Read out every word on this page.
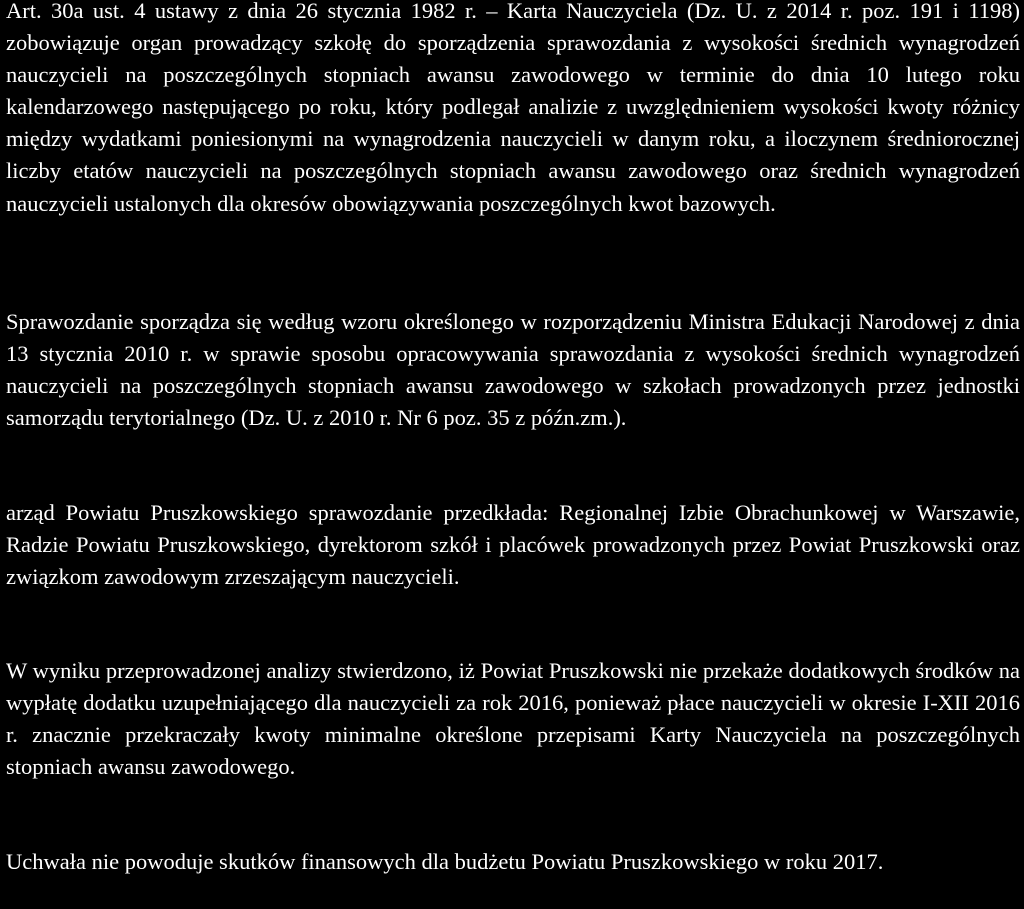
Art. 30a ust. 4 ustawy z dnia 26 stycznia 1982 r. – Karta Nauczyciela (Dz. U. z 2014 r. poz. 191 i 1198) zobowiązuje organ prowadzący szkołę do sporządzenia sprawozdania z wysokości średnich wynagrodzeń nauczycieli na poszczególnych stopniach awansu zawodowego w terminie do dnia 10 lutego roku kalendarzowego następującego po roku, który podlegał analizie z uwzględnieniem wysokości kwoty różnicy między wydatkami poniesionymi na wynagrodzenia nauczycieli w danym roku, a iloczynem średniorocznej liczby etatów nauczycieli na poszczególnych stopniach awansu zawodowego oraz średnich wynagrodzeń nauczycieli ustalonych dla okresów obowiązywania poszczególnych kwot bazowych.

Sprawozdanie sporządza się według wzoru określonego w rozporządzeniu Ministra Edukacji Narodowej z dnia 13 stycznia 2010 r. w sprawie sposobu opracowywania sprawozdania z wysokości średnich wynagrodzeń nauczycieli na poszczególnych stopniach awansu zawodowego w szkołach prowadzonych przez jednostki samorządu terytorialnego (Dz. U. z 2010 r. Nr 6 poz. 35 z późn.zm.).

arząd Powiatu Pruszkowskiego sprawozdanie przedkłada: Regionalnej Izbie Obrachunkowej w Warszawie, Radzie Powiatu Pruszkowskiego, dyrektorom szkół i placówek prowadzonych przez Powiat Pruszkowski oraz związkom zawodowym zrzeszającym nauczycieli.

W wyniku przeprowadzonej analizy stwierdzono, iż Powiat Pruszkowski nie przekaże dodatkowych środków na wypłatę dodatku uzupełniającego dla nauczycieli za rok 2016, ponieważ płace nauczycieli w okresie I-XII 2016 r. znacznie przekraczały kwoty minimalne określone przepisami Karty Nauczyciela na poszczególnych stopniach awansu zawodowego.

Uchwała nie powoduje skutków finansowych dla budżetu Powiatu Pruszkowskiego w roku 2017.
